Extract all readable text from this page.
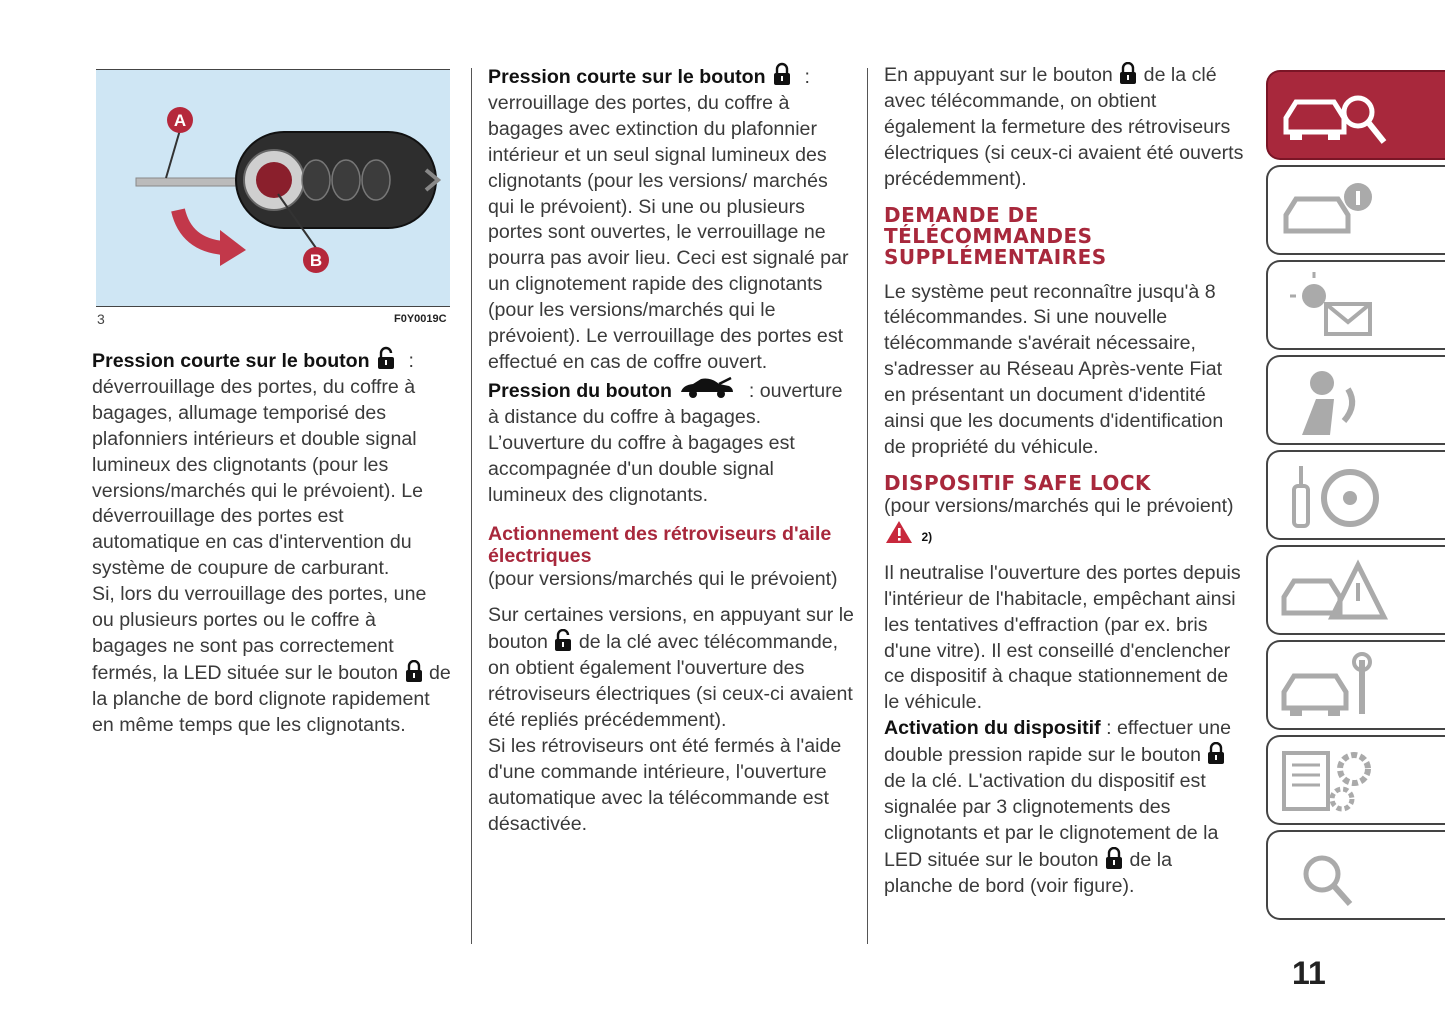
A
B
3	F0Y0019C

Pression courte sur le bouton : déverrouillage des portes, du coffre à bagages, allumage temporisé des plafonniers intérieurs et double signal lumineux des clignotants (pour les versions/marchés qui le prévoient). Le déverrouillage des portes est automatique en cas d'intervention du système de coupure de carburant.

Si, lors du verrouillage des portes, une ou plusieurs portes ou le coffre à bagages ne sont pas correctement fermés, la LED située sur le bouton de la planche de bord clignote rapidement en même temps que les clignotants.

Pression courte sur le bouton : verrouillage des portes, du coffre à bagages avec extinction du plafonnier intérieur et un seul signal lumineux des clignotants (pour les versions/ marchés qui le prévoient). Si une ou plusieurs portes sont ouvertes, le verrouillage ne pourra pas avoir lieu. Ceci est signalé par un clignotement rapide des clignotants (pour les versions/marchés qui le prévoient). Le verrouillage des portes est effectué en cas de coffre ouvert.

Pression du bouton	: ouverture à distance du coffre à bagages. L’ouverture du coffre à bagages est accompagnée d'un double signal lumineux des clignotants.

Actionnement des rétroviseurs d'aile électriques

(pour versions/marchés qui le prévoient)

Sur certaines versions, en appuyant sur le bouton de la clé avec télécommande, on obtient également l'ouverture des rétroviseurs électriques (si ceux-ci avaient été repliés précédemment).

Si les rétroviseurs ont été fermés à l'aide d'une commande intérieure, l'ouverture automatique avec la télécommande est désactivée.

En appuyant sur le bouton de la clé avec télécommande, on obtient également la fermeture des rétroviseurs électriques (si ceux-ci avaient été ouverts précédemment).

DEMANDE DE TÉLÉCOMMANDES SUPPLÉMENTAIRES

Le système peut reconnaître jusqu'à 8 télécommandes. Si une nouvelle télécommande s'avérait nécessaire, s'adresser au Réseau Après-vente Fiat en présentant un document d'identité ainsi que les documents d'identification de propriété du véhicule.

DISPOSITIF SAFE LOCK

(pour versions/marchés qui le prévoient)

2)

Il neutralise l'ouverture des portes depuis l'intérieur de l'habitacle, empêchant ainsi les tentatives d'effraction (par ex. bris d'une vitre). Il est conseillé d'enclencher ce dispositif à chaque stationnement de le véhicule.

Activation du dispositif : effectuer une double pression rapide sur le bouton  de la clé. L'activation du dispositif est signalée par 3 clignotements des clignotants et par le clignotement de la LED située sur le bouton de la planche de bord (voir figure).

11
